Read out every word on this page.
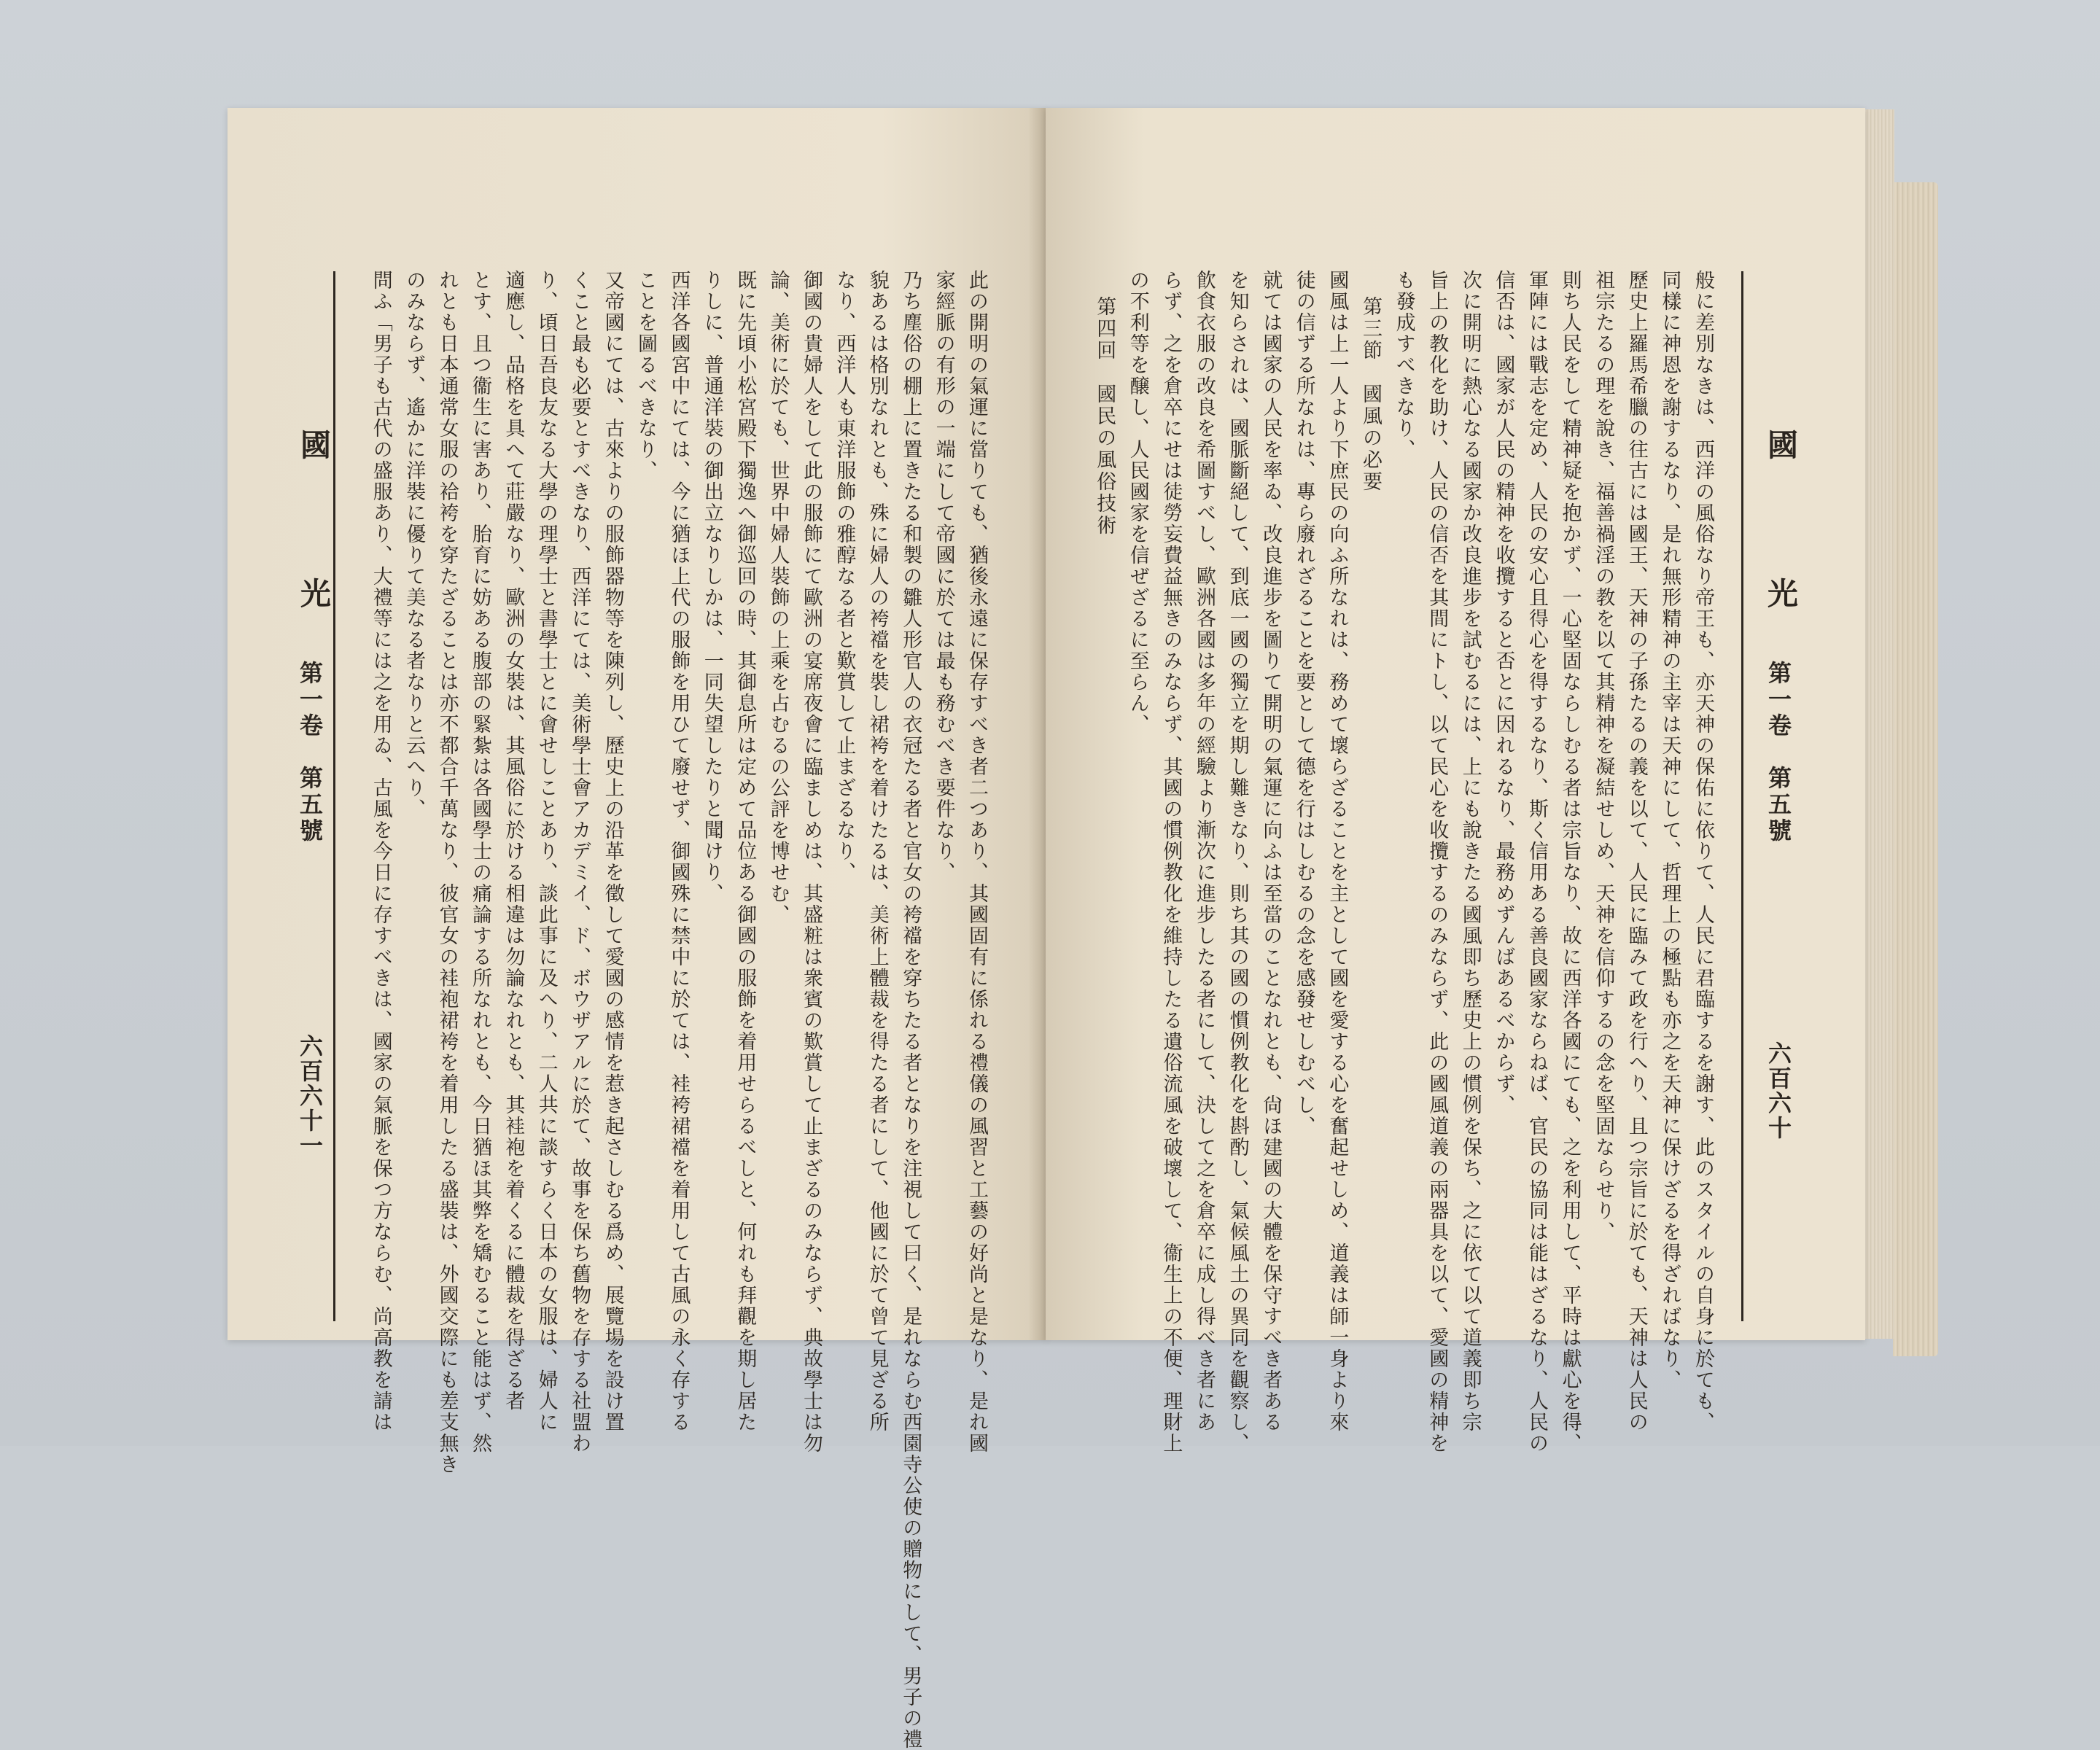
國　光
第一卷　第五號
六百六十一	此の開明の氣運に當りても、猶後永遠に保存すべき者二つあり、其國固有に係れる禮儀の風習と工藝の好尚と是なり、是れ國
家經脈の有形の一端にして帝國に於ては最も務むべき要件なり、
乃ち塵俗の棚上に置きたる和製の雛人形官人の衣冠たる者と官女の袴襠を穿ちたる者となりを注視して曰く、是れならむ西園寺公使の贈物にして、男子の禮
貌あるは格別なれとも、殊に婦人の袴襠を裝し裙袴を着けたるは、美術上體裁を得たる者にして、他國に於て曾て見ざる所
なり、西洋人も東洋服飾の雅醇なる者と歎賞して止まざるなり、
御國の貴婦人をして此の服飾にて歐洲の宴席夜會に臨ましめは、其盛粧は衆賓の歎賞して止まざるのみならず、典故學士は勿
論、美術に於ても、世界中婦人裝飾の上乘を占むるの公評を博せむ、
既に先頃小松宮殿下獨逸へ御巡回の時、其御息所は定めて品位ある御國の服飾を着用せらるべしと、何れも拜觀を期し居た
りしに、普通洋裝の御出立なりしかは、一同失望したりと聞けり、
西洋各國宮中にては、今に猶ほ上代の服飾を用ひて廢せず、御國殊に禁中に於ては、袿袴裙襠を着用して古風の永く存する
ことを圖るべきなり、
又帝國にては、古來よりの服飾器物等を陳列し、歷史上の沿革を徵して愛國の感情を惹き起さしむる爲め、展覽場を設け置
くこと最も必要とすべきなり、西洋にては、美術學士會アカデミイ、ド、ボウザアルに於て、故事を保ち舊物を存する社盟わ
り、頃日吾良友なる大學の理學士と書學士とに會せしことあり、談此事に及へり、二人共に談すらく日本の女服は、婦人に
適應し、品格を具へて莊嚴なり、歐洲の女裝は、其風俗に於ける相違は勿論なれとも、其袿袍を着くるに體裁を得ざる者
とす、且つ衞生に害あり、胎育に妨ある腹部の緊紮は各國學士の痛論する所なれとも、今日猶ほ其弊を矯むること能はず、然
れとも日本通常女服の袷袴を穿たざることは亦不都合千萬なり、彼官女の袿袍裙袴を着用したる盛裝は、外國交際にも差支無き
のみならず、遙かに洋裝に優りて美なる者なりと云へり、
問ふ「男子も古代の盛服あり、大禮等には之を用ゐ、古風を今日に存すべきは、國家の氣脈を保つ方ならむ、尚高教を請は	國　光
第一卷　第五號
六百六十
般に差別なきは、西洋の風俗なり帝王も、亦天神の保佑に依りて、人民に君臨するを謝す、此のスタイルの自身に於ても、
同樣に神恩を謝するなり、是れ無形精神の主宰は天神にして、哲理上の極點も亦之を天神に保けざるを得ざればなり、
歷史上羅馬希臘の往古には國王、天神の子孫たるの義を以て、人民に臨みて政を行へり、且つ宗旨に於ても、天神は人民の
祖宗たるの理を說き、福善禍淫の教を以て其精神を凝結せしめ、天神を信仰するの念を堅固ならせり、
則ち人民をして精神疑を抱かず、一心堅固ならしむる者は宗旨なり、故に西洋各國にても、之を利用して、平時は獻心を得、
軍陣には戰志を定め、人民の安心且得心を得するなり、斯く信用ある善良國家ならねば、官民の協同は能はざるなり、人民の
信否は、國家が人民の精神を收攬すると否とに因れるなり、最務めずんばあるべからず、
次に開明に熱心なる國家か改良進步を試むるには、上にも說きたる國風即ち歷史上の慣例を保ち、之に依て以て道義即ち宗
旨上の教化を助け、人民の信否を其間にトし、以て民心を收攬するのみならず、此の國風道義の兩器具を以て、愛國の精神を
も發成すべきなり、
第三節　國風の必要
國風は上一人より下庶民の向ふ所なれは、務めて壞らざることを主として國を愛する心を奮起せしめ、道義は師一身より來
徒の信ずる所なれは、專ら廢れざることを要として德を行はしむるの念を感發せしむべし、
就ては國家の人民を率ゐ、改良進步を圖りて開明の氣運に向ふは至當のことなれとも、尙ほ建國の大體を保守すべき者ある
を知らされは、國脈斷絕して、到底一國の獨立を期し難きなり、則ち其の國の慣例教化を斟酌し、氣候風土の異同を觀察し、
飮食衣服の改良を希圖すべし、歐洲各國は多年の經驗より漸次に進步したる者にして、決して之を倉卒に成し得べき者にあ
らず、之を倉卒にせは徒勞妄費益無きのみならず、其國の慣例教化を維持したる遺俗流風を破壞して、衞生上の不便、理財上
の不利等を醸し、人民國家を信ぜざるに至らん、
第四回　國民の風俗技術
